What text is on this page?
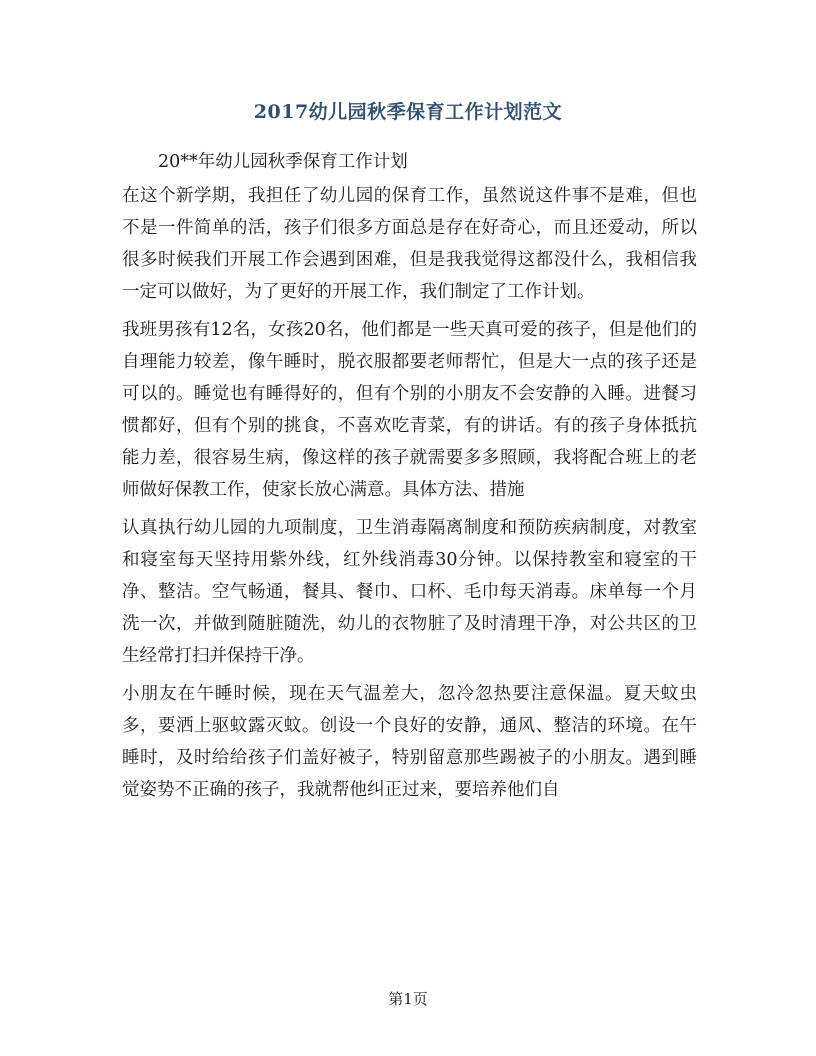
2017幼儿园秋季保育工作计划范文

20**年幼儿园秋季保育工作计划

在这个新学期，我担任了幼儿园的保育工作，虽然说这件事不是难，但也不是一件简单的活，孩子们很多方面总是存在好奇心，而且还爱动，所以很多时候我们开展工作会遇到困难，但是我我觉得这都没什么，我相信我一定可以做好，为了更好的开展工作，我们制定了工作计划。

我班男孩有12名，女孩20名，他们都是一些天真可爱的孩子，但是他们的自理能力较差，像午睡时，脱衣服都要老师帮忙，但是大一点的孩子还是可以的。睡觉也有睡得好的，但有个别的小朋友不会安静的入睡。进餐习惯都好，但有个别的挑食，不喜欢吃青菜，有的讲话。有的孩子身体抵抗能力差，很容易生病，像这样的孩子就需要多多照顾，我将配合班上的老师做好保教工作，使家长放心满意。具体方法、措施

认真执行幼儿园的九项制度，卫生消毒隔离制度和预防疾病制度，对教室和寝室每天坚持用紫外线，红外线消毒30分钟。以保持教室和寝室的干净、整洁。空气畅通，餐具、餐巾、口杯、毛巾每天消毒。床单每一个月洗一次，并做到随脏随洗，幼儿的衣物脏了及时清理干净，对公共区的卫生经常打扫并保持干净。

小朋友在午睡时候，现在天气温差大，忽冷忽热要注意保温。夏天蚊虫多，要洒上驱蚊露灭蚊。创设一个良好的安静，通风、整洁的环境。在午睡时，及时给给孩子们盖好被子，特别留意那些踢被子的小朋友。遇到睡觉姿势不正确的孩子，我就帮他纠正过来，要培养他们自

第1页
